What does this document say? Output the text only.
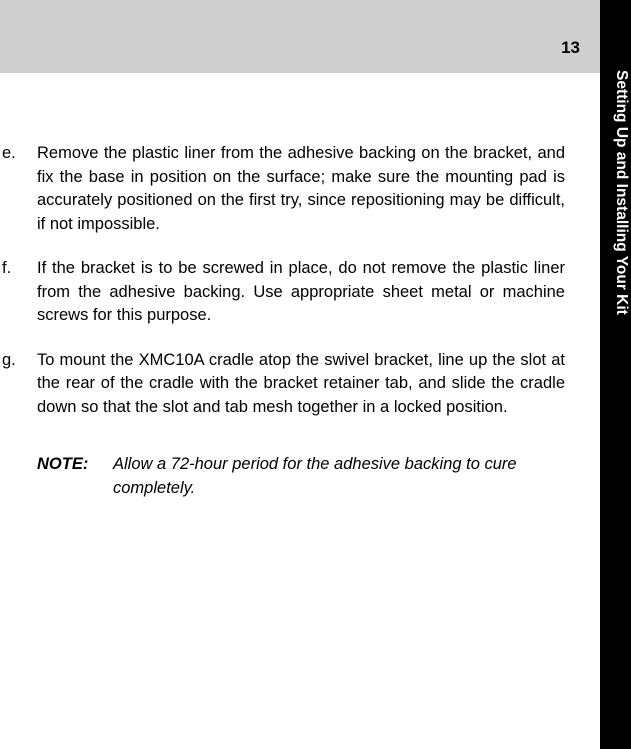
13
Setting Up and Installing Your Kit
e.	Remove the plastic liner from the adhesive backing on the bracket, and fix the base in position on the surface; make sure the mounting pad is accurately positioned on the first try, since repositioning may be difficult, if not impossible.
f.	If the bracket is to be screwed in place, do not remove the plastic liner from the adhesive backing. Use appropriate sheet metal or machine screws for this purpose.
g.	To mount the XMC10A cradle atop the swivel bracket, line up the slot at the rear of the cradle with the bracket retainer tab, and slide the cradle down so that the slot and tab mesh together in a locked position.
NOTE: Allow a 72-hour period for the adhesive backing to cure completely.
